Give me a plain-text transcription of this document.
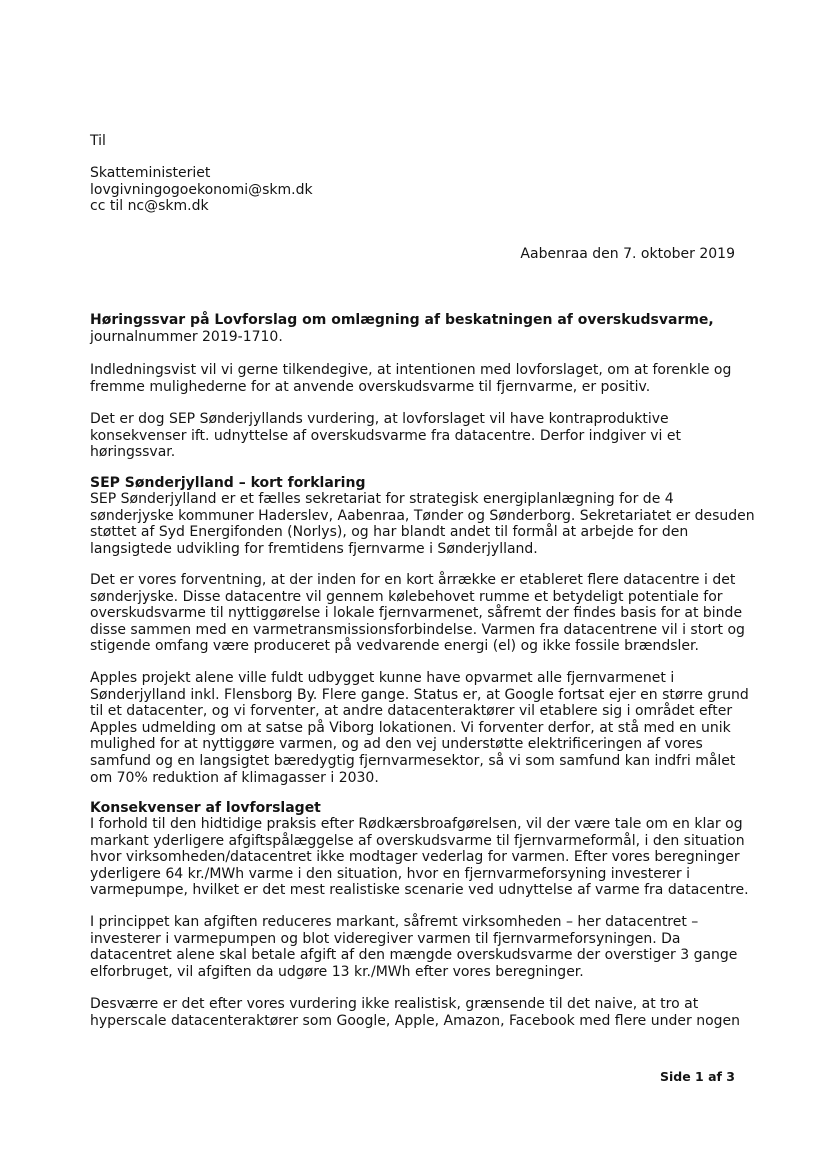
Til
Skatteministeriet
lovgivningogoekonomi@skm.dk
cc til nc@skm.dk
Aabenraa den 7. oktober 2019
Høringssvar på Lovforslag om omlægning af beskatningen af overskudsvarme,
journalnummer 2019-1710.
Indledningsvist vil vi gerne tilkendegive, at intentionen med lovforslaget, om at forenkle og
fremme mulighederne for at anvende overskudsvarme til fjernvarme, er positiv.
Det er dog SEP Sønderjyllands vurdering, at lovforslaget vil have kontraproduktive
konsekvenser ift. udnyttelse af overskudsvarme fra datacentre. Derfor indgiver vi et
høringssvar.
SEP Sønderjylland – kort forklaring
SEP Sønderjylland er et fælles sekretariat for strategisk energiplanlægning for de 4
sønderjyske kommuner Haderslev, Aabenraa, Tønder og Sønderborg. Sekretariatet er desuden
støttet af Syd Energifonden (Norlys), og har blandt andet til formål at arbejde for den
langsigtede udvikling for fremtidens fjernvarme i Sønderjylland.
Det er vores forventning, at der inden for en kort årrække er etableret flere datacentre i det
sønderjyske. Disse datacentre vil gennem kølebehovet rumme et betydeligt potentiale for
overskudsvarme til nyttiggørelse i lokale fjernvarmenet, såfremt der findes basis for at binde
disse sammen med en varmetransmissionsforbindelse. Varmen fra datacentrene vil i stort og
stigende omfang være produceret på vedvarende energi (el) og ikke fossile brændsler.
Apples projekt alene ville fuldt udbygget kunne have opvarmet alle fjernvarmenet i
Sønderjylland inkl. Flensborg By. Flere gange. Status er, at Google fortsat ejer en større grund
til et datacenter, og vi forventer, at andre datacenteraktører vil etablere sig i området efter
Apples udmelding om at satse på Viborg lokationen. Vi forventer derfor, at stå med en unik
mulighed for at nyttiggøre varmen, og ad den vej understøtte elektrificeringen af vores
samfund og en langsigtet bæredygtig fjernvarmesektor, så vi som samfund kan indfri målet
om 70% reduktion af klimagasser i 2030.
Konsekvenser af lovforslaget
I forhold til den hidtidige praksis efter Rødkærsbroafgørelsen, vil der være tale om en klar og
markant yderligere afgiftspålæggelse af overskudsvarme til fjernvarmeformål, i den situation
hvor virksomheden/datacentret ikke modtager vederlag for varmen. Efter vores beregninger
yderligere 64 kr./MWh varme i den situation, hvor en fjernvarmeforsyning investerer i
varmepumpe, hvilket er det mest realistiske scenarie ved udnyttelse af varme fra datacentre.
I princippet kan afgiften reduceres markant, såfremt virksomheden – her datacentret –
investerer i varmepumpen og blot videregiver varmen til fjernvarmeforsyningen. Da
datacentret alene skal betale afgift af den mængde overskudsvarme der overstiger 3 gange
elforbruget, vil afgiften da udgøre 13 kr./MWh efter vores beregninger.
Desværre er det efter vores vurdering ikke realistisk, grænsende til det naive, at tro at
hyperscale datacenteraktører som Google, Apple, Amazon, Facebook med flere under nogen
Side 1 af 3
